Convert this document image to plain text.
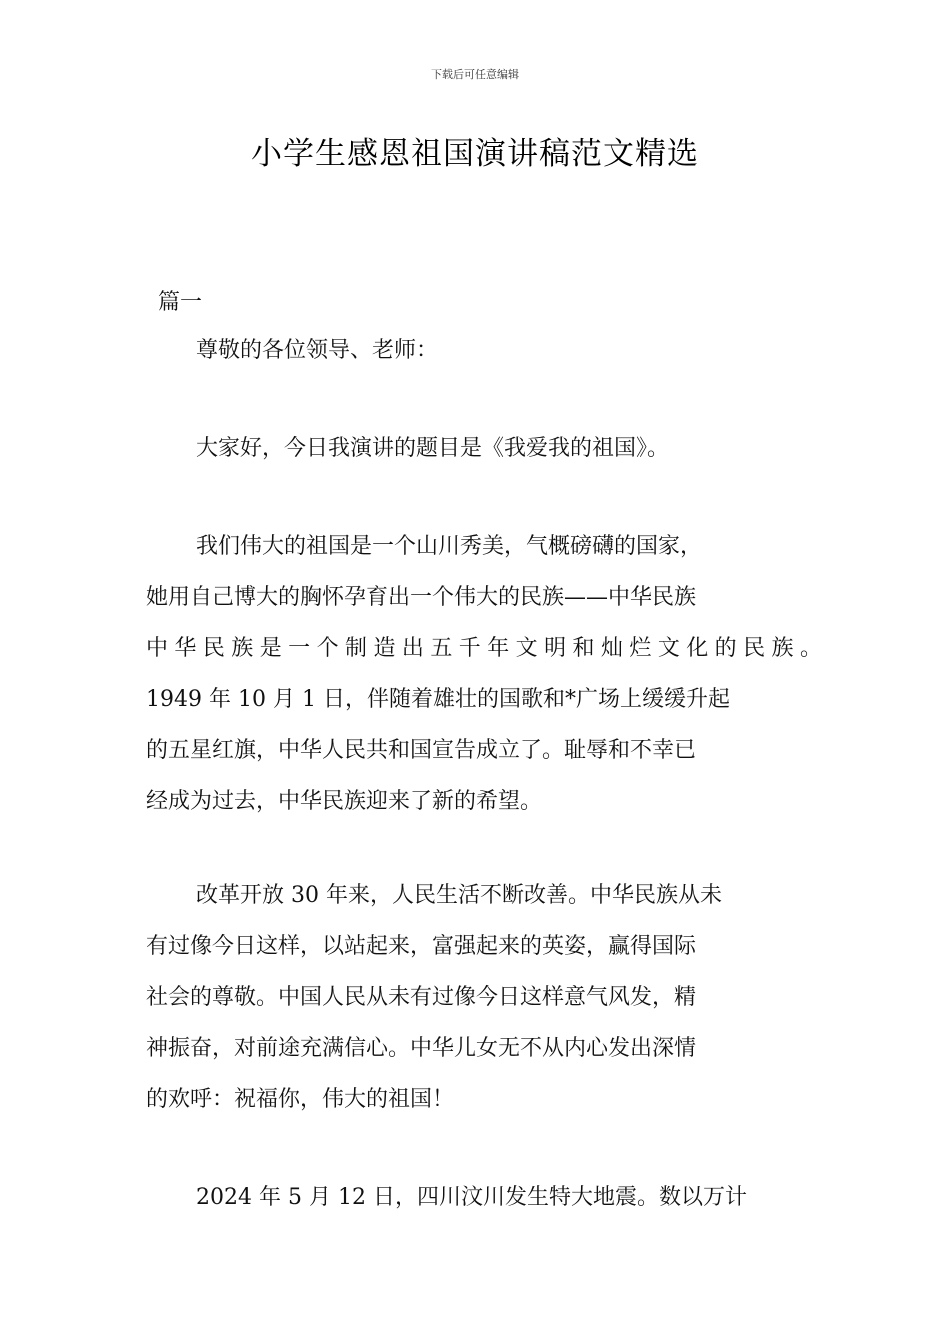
下载后可任意编辑
小学生感恩祖国演讲稿范文精选
篇一
尊敬的各位领导、老师：
大家好，今日我演讲的题目是《我爱我的祖国》。
我们伟大的祖国是一个山川秀美，气概磅礴的国家，
她用自己博大的胸怀孕育出一个伟大的民族——中华民族
中华民族是一个制造出五千年文明和灿烂文化的民族。
1949 年 10 月 1 日，伴随着雄壮的国歌和*广场上缓缓升起
的五星红旗，中华人民共和国宣告成立了。耻辱和不幸已
经成为过去，中华民族迎来了新的希望。
改革开放 30 年来，人民生活不断改善。中华民族从未
有过像今日这样，以站起来，富强起来的英姿，赢得国际
社会的尊敬。中国人民从未有过像今日这样意气风发，精
神振奋，对前途充满信心。中华儿女无不从内心发出深情
的欢呼：祝福你，伟大的祖国！
2024 年 5 月 12 日，四川汶川发生特大地震。数以万计
